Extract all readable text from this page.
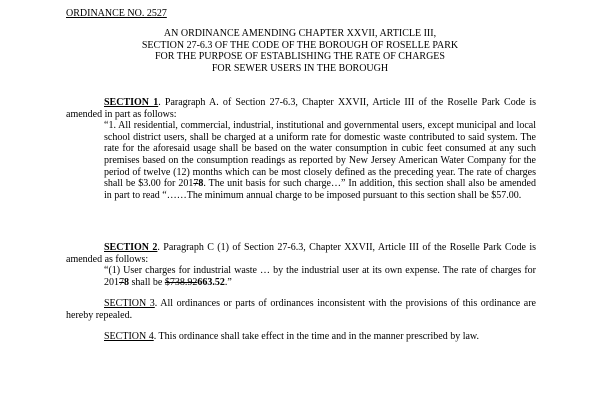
ORDINANCE NO. 2527
AN ORDINANCE AMENDING CHAPTER XXVII, ARTICLE III,
SECTION 27-6.3 OF THE CODE OF THE BOROUGH OF ROSELLE PARK
FOR THE PURPOSE OF ESTABLISHING THE RATE OF CHARGES
FOR SEWER USERS IN THE BOROUGH
SECTION 1. Paragraph A. of Section 27-6.3, Chapter XXVII, Article III of the Roselle Park Code is amended in part as follows:
“1. All residential, commercial, industrial, institutional and governmental users, except municipal and local school district users, shall be charged at a uniform rate for domestic waste contributed to said system. The rate for the aforesaid usage shall be based on the water consumption in cubic feet consumed at any such premises based on the consumption readings as reported by New Jersey American Water Company for the period of twelve (12) months which can be most closely defined as the preceding year. The rate of charges shall be $3.00 for 20178. The unit basis for such charge…” In addition, this section shall also be amended in part to read “……The minimum annual charge to be imposed pursuant to this section shall be $57.00.
SECTION 2. Paragraph C (1) of Section 27-6.3, Chapter XXVII, Article III of the Roselle Park Code is amended as follows:
“(1) User charges for industrial waste … by the industrial user at its own expense. The rate of charges for 20178 shall be $738.92663.52.”
SECTION 3. All ordinances or parts of ordinances inconsistent with the provisions of this ordinance are hereby repealed.
SECTION 4. This ordinance shall take effect in the time and in the manner prescribed by law.
